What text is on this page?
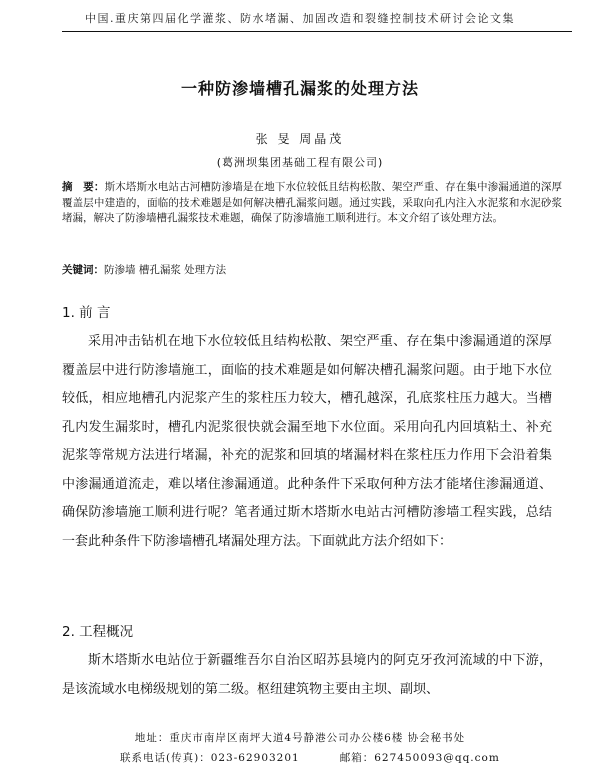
中国.重庆第四届化学灌浆、防水堵漏、加固改造和裂缝控制技术研讨会论文集
一种防渗墙槽孔漏浆的处理方法
张 旻 周晶茂
(葛洲坝集团基础工程有限公司)
摘　要：斯木塔斯水电站古河槽防渗墙是在地下水位较低且结构松散、架空严重、存在集中渗漏通道的深厚覆盖层中建造的，面临的技术难题是如何解决槽孔漏浆问题。通过实践，采取向孔内注入水泥浆和水泥砂浆堵漏，解决了防渗墙槽孔漏浆技术难题，确保了防渗墙施工顺利进行。本文介绍了该处理方法。
关键词：防渗墙 槽孔漏浆 处理方法
1. 前 言
采用冲击钻机在地下水位较低且结构松散、架空严重、存在集中渗漏通道的深厚覆盖层中进行防渗墙施工，面临的技术难题是如何解决槽孔漏浆问题。由于地下水位较低，相应地槽孔内泥浆产生的浆柱压力较大，槽孔越深，孔底浆柱压力越大。当槽孔内发生漏浆时，槽孔内泥浆很快就会漏至地下水位面。采用向孔内回填粘土、补充泥浆等常规方法进行堵漏，补充的泥浆和回填的堵漏材料在浆柱压力作用下会沿着集中渗漏通道流走，难以堵住渗漏通道。此种条件下采取何种方法才能堵住渗漏通道、确保防渗墙施工顺利进行呢？笔者通过斯木塔斯水电站古河槽防渗墙工程实践，总结一套此种条件下防渗墙槽孔堵漏处理方法。下面就此方法介绍如下：
2. 工程概况
斯木塔斯水电站位于新疆维吾尔自治区昭苏县境内的阿克牙孜河流域的中下游，是该流域水电梯级规划的第二级。枢纽建筑物主要由主坝、副坝、
地址：重庆市南岸区南坪大道4号静港公司办公楼6楼 协会秘书处
联系电话(传真)：023-62903201	邮箱：627450093@qq.com
